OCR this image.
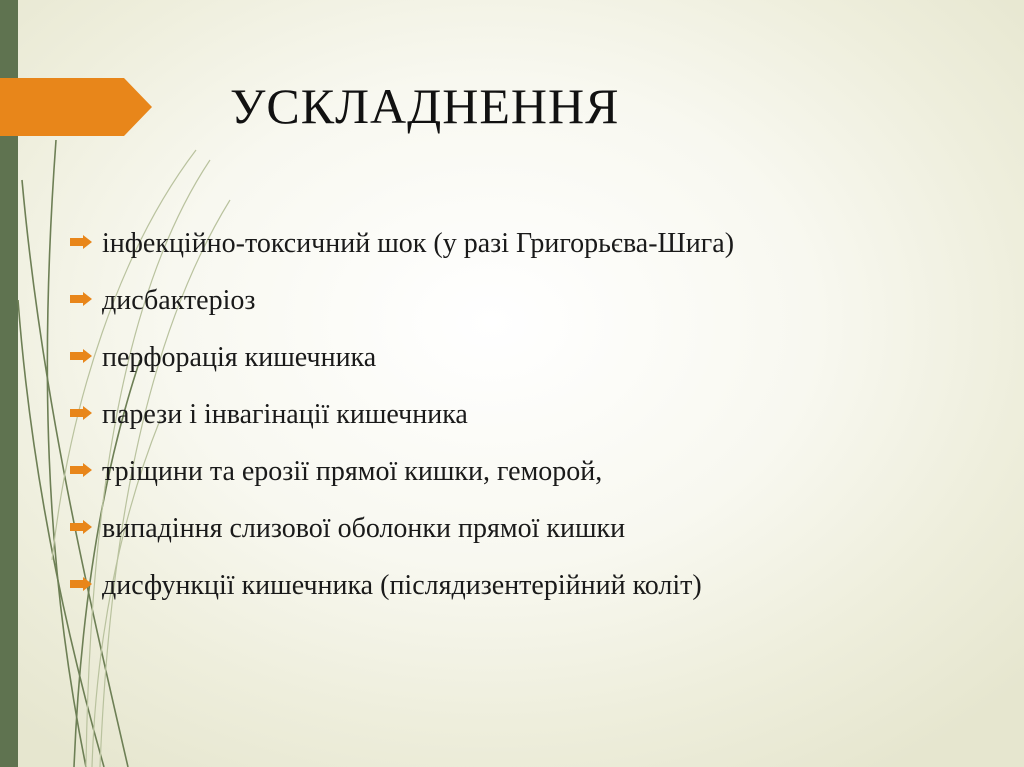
УСКЛАДНЕННЯ
інфекційно-токсичний шок (у разі Григорьєва-Шига)
дисбактеріоз
перфорація кишечника
парези і інвагінації кишечника
тріщини та ерозії прямої кишки, геморой,
випадіння слизової оболонки прямої кишки
дисфункції кишечника (післядизентерійний коліт)
